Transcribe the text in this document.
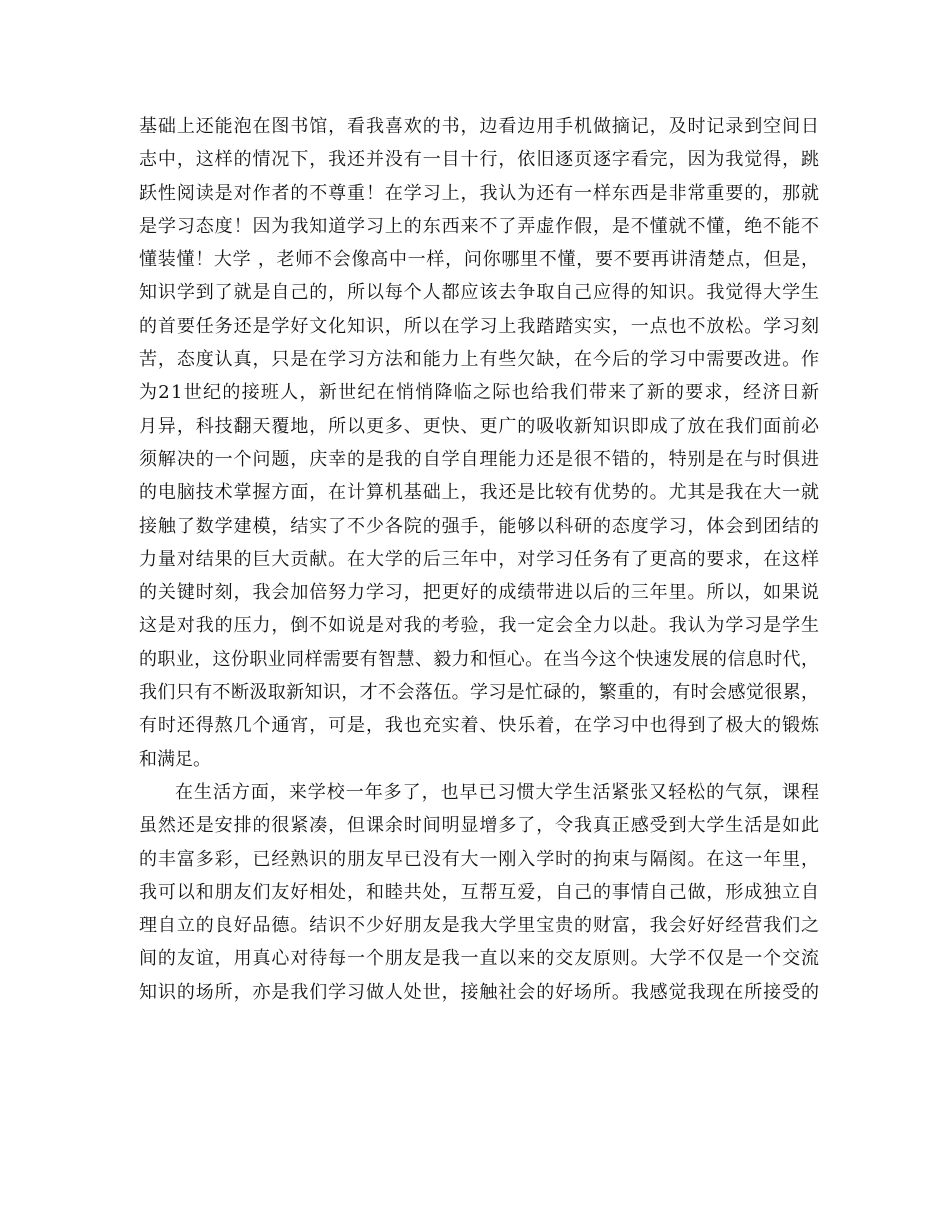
基础上还能泡在图书馆，看我喜欢的书，边看边用手机做摘记，及时记录到空间日
志中，这样的情况下，我还并没有一目十行，依旧逐页逐字看完，因为我觉得，跳
跃性阅读是对作者的不尊重！在学习上，我认为还有一样东西是非常重要的，那就
是学习态度！因为我知道学习上的东西来不了弄虚作假，是不懂就不懂，绝不能不
懂装懂！大学 ，老师不会像高中一样，问你哪里不懂，要不要再讲清楚点，但是，
知识学到了就是自己的，所以每个人都应该去争取自己应得的知识。我觉得大学生
的首要任务还是学好文化知识，所以在学习上我踏踏实实，一点也不放松。学习刻
苦，态度认真，只是在学习方法和能力上有些欠缺，在今后的学习中需要改进。作
为21世纪的接班人，新世纪在悄悄降临之际也给我们带来了新的要求，经济日新
月异，科技翻天覆地，所以更多、更快、更广的吸收新知识即成了放在我们面前必
须解决的一个问题，庆幸的是我的自学自理能力还是很不错的，特别是在与时俱进
的电脑技术掌握方面，在计算机基础上，我还是比较有优势的。尤其是我在大一就
接触了数学建模，结实了不少各院的强手，能够以科研的态度学习，体会到团结的
力量对结果的巨大贡献。在大学的后三年中，对学习任务有了更高的要求，在这样
的关键时刻，我会加倍努力学习，把更好的成绩带进以后的三年里。所以，如果说
这是对我的压力，倒不如说是对我的考验，我一定会全力以赴。我认为学习是学生
的职业，这份职业同样需要有智慧、毅力和恒心。在当今这个快速发展的信息时代，
我们只有不断汲取新知识，才不会落伍。学习是忙碌的，繁重的，有时会感觉很累，
有时还得熬几个通宵，可是，我也充实着、快乐着，在学习中也得到了极大的锻炼
和满足。
在生活方面，来学校一年多了，也早已习惯大学生活紧张又轻松的气氛，课程
虽然还是安排的很紧凑，但课余时间明显增多了，令我真正感受到大学生活是如此
的丰富多彩，已经熟识的朋友早已没有大一刚入学时的拘束与隔阂。在这一年里，
我可以和朋友们友好相处，和睦共处，互帮互爱，自己的事情自己做，形成独立自
理自立的良好品德。结识不少好朋友是我大学里宝贵的财富，我会好好经营我们之
间的友谊，用真心对待每一个朋友是我一直以来的交友原则。大学不仅是一个交流
知识的场所，亦是我们学习做人处世，接触社会的好场所。我感觉我现在所接受的
